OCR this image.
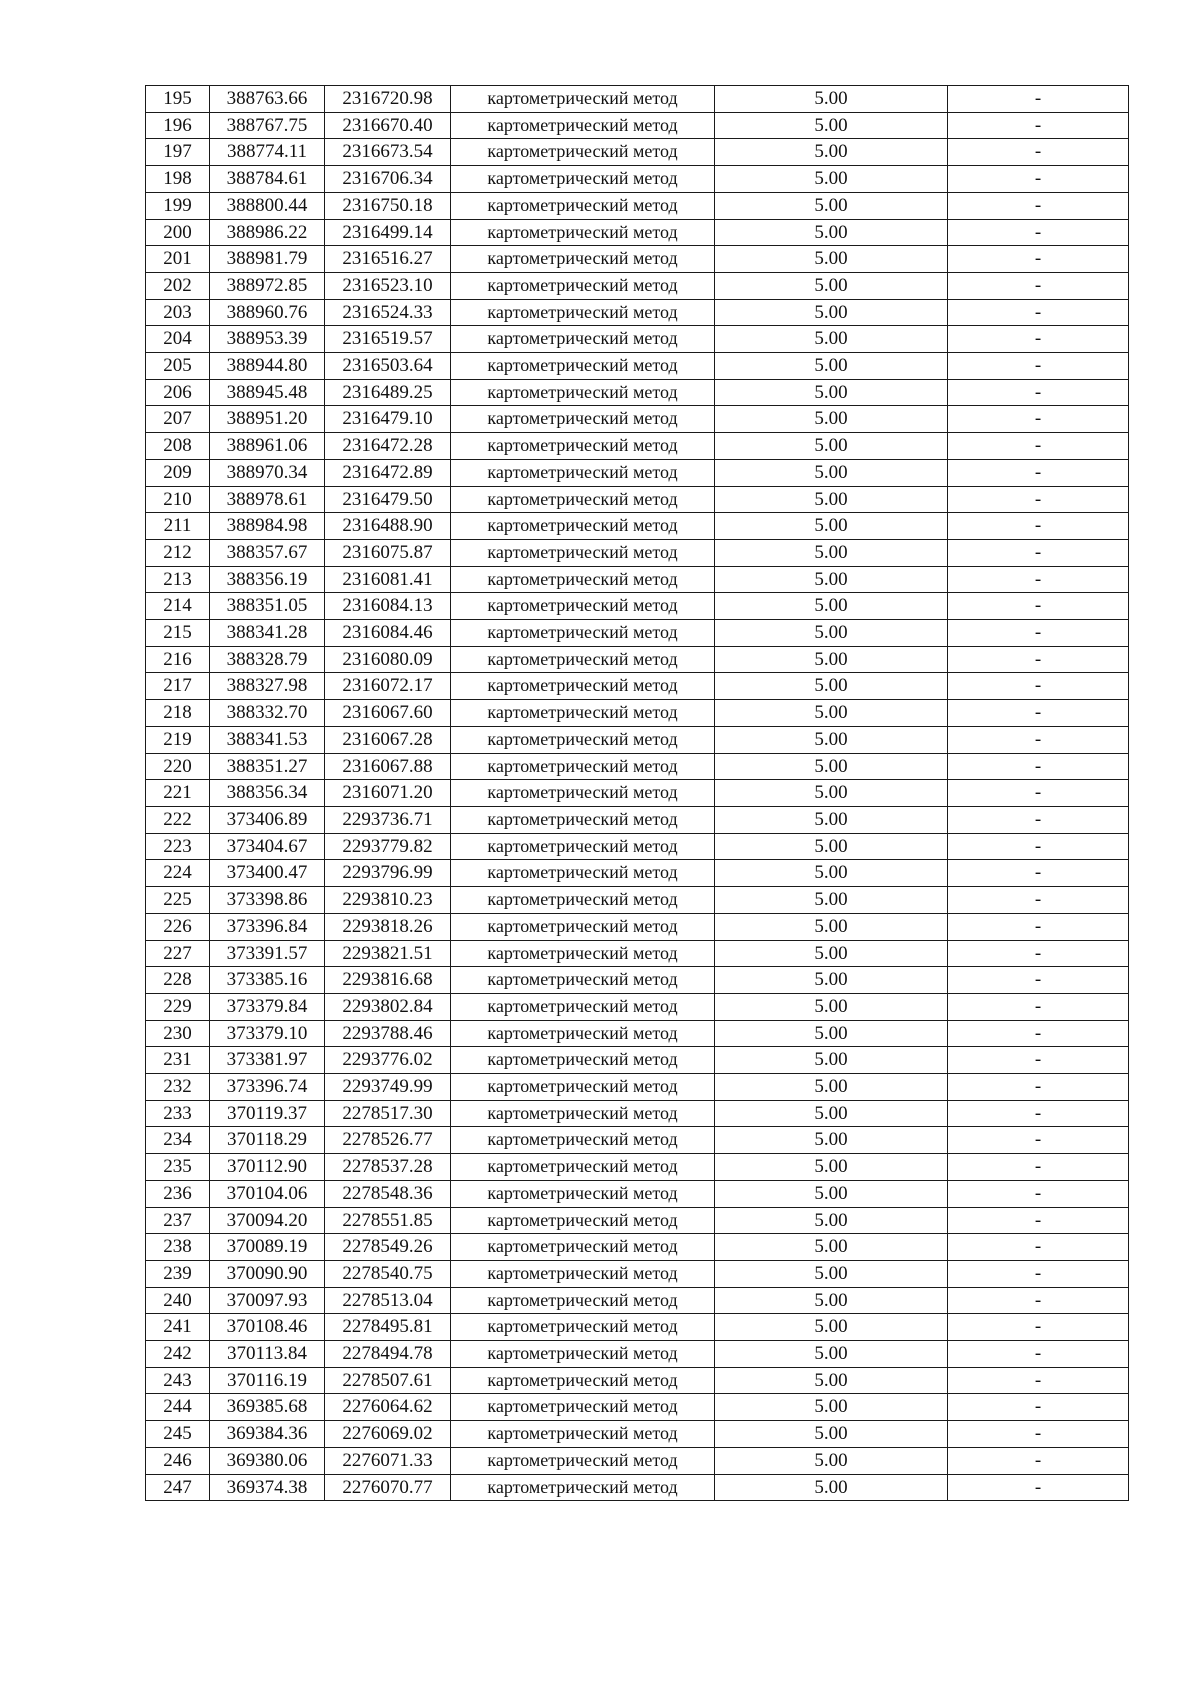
195	388763.66	2316720.98	картометрический метод	5.00	-
196	388767.75	2316670.40	картометрический метод	5.00	-
197	388774.11	2316673.54	картометрический метод	5.00	-
198	388784.61	2316706.34	картометрический метод	5.00	-
199	388800.44	2316750.18	картометрический метод	5.00	-
200	388986.22	2316499.14	картометрический метод	5.00	-
201	388981.79	2316516.27	картометрический метод	5.00	-
202	388972.85	2316523.10	картометрический метод	5.00	-
203	388960.76	2316524.33	картометрический метод	5.00	-
204	388953.39	2316519.57	картометрический метод	5.00	-
205	388944.80	2316503.64	картометрический метод	5.00	-
206	388945.48	2316489.25	картометрический метод	5.00	-
207	388951.20	2316479.10	картометрический метод	5.00	-
208	388961.06	2316472.28	картометрический метод	5.00	-
209	388970.34	2316472.89	картометрический метод	5.00	-
210	388978.61	2316479.50	картометрический метод	5.00	-
211	388984.98	2316488.90	картометрический метод	5.00	-
212	388357.67	2316075.87	картометрический метод	5.00	-
213	388356.19	2316081.41	картометрический метод	5.00	-
214	388351.05	2316084.13	картометрический метод	5.00	-
215	388341.28	2316084.46	картометрический метод	5.00	-
216	388328.79	2316080.09	картометрический метод	5.00	-
217	388327.98	2316072.17	картометрический метод	5.00	-
218	388332.70	2316067.60	картометрический метод	5.00	-
219	388341.53	2316067.28	картометрический метод	5.00	-
220	388351.27	2316067.88	картометрический метод	5.00	-
221	388356.34	2316071.20	картометрический метод	5.00	-
222	373406.89	2293736.71	картометрический метод	5.00	-
223	373404.67	2293779.82	картометрический метод	5.00	-
224	373400.47	2293796.99	картометрический метод	5.00	-
225	373398.86	2293810.23	картометрический метод	5.00	-
226	373396.84	2293818.26	картометрический метод	5.00	-
227	373391.57	2293821.51	картометрический метод	5.00	-
228	373385.16	2293816.68	картометрический метод	5.00	-
229	373379.84	2293802.84	картометрический метод	5.00	-
230	373379.10	2293788.46	картометрический метод	5.00	-
231	373381.97	2293776.02	картометрический метод	5.00	-
232	373396.74	2293749.99	картометрический метод	5.00	-
233	370119.37	2278517.30	картометрический метод	5.00	-
234	370118.29	2278526.77	картометрический метод	5.00	-
235	370112.90	2278537.28	картометрический метод	5.00	-
236	370104.06	2278548.36	картометрический метод	5.00	-
237	370094.20	2278551.85	картометрический метод	5.00	-
238	370089.19	2278549.26	картометрический метод	5.00	-
239	370090.90	2278540.75	картометрический метод	5.00	-
240	370097.93	2278513.04	картометрический метод	5.00	-
241	370108.46	2278495.81	картометрический метод	5.00	-
242	370113.84	2278494.78	картометрический метод	5.00	-
243	370116.19	2278507.61	картометрический метод	5.00	-
244	369385.68	2276064.62	картометрический метод	5.00	-
245	369384.36	2276069.02	картометрический метод	5.00	-
246	369380.06	2276071.33	картометрический метод	5.00	-
247	369374.38	2276070.77	картометрический метод	5.00	-
